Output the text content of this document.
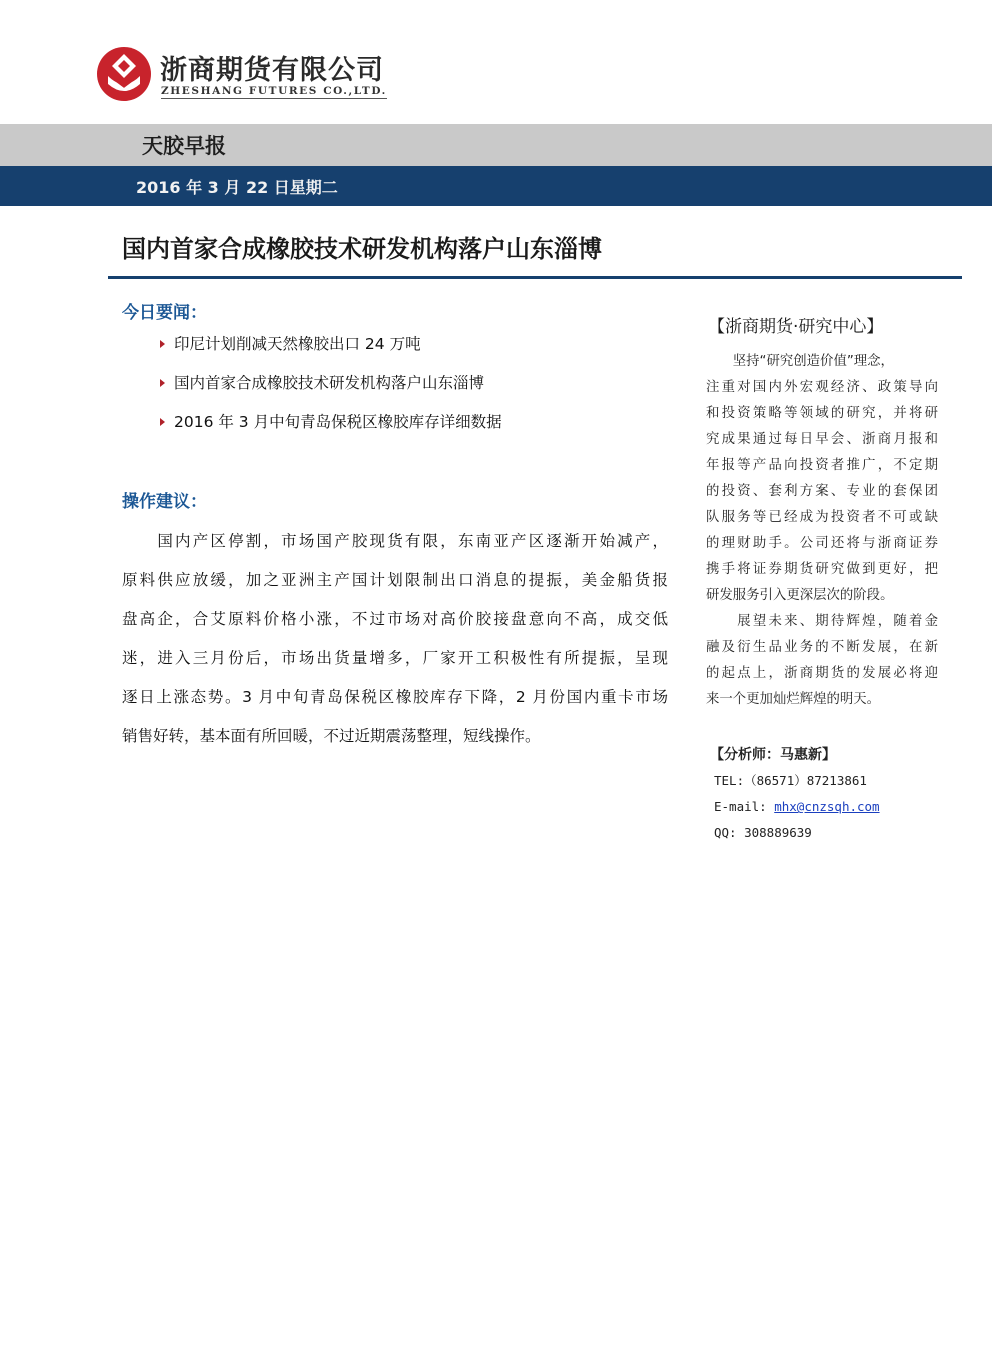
浙商期货有限公司
ZHESHANG FUTURES CO.,LTD.
天胶早报
2016 年 3 月 22 日星期二
国内首家合成橡胶技术研发机构落户山东淄博
今日要闻：
印尼计划削减天然橡胶出口 24 万吨
国内首家合成橡胶技术研发机构落户山东淄博
2016 年 3 月中旬青岛保税区橡胶库存详细数据
操作建议：
　　国内产区停割，市场国产胶现货有限，东南亚产区逐渐开始减产，
原料供应放缓，加之亚洲主产国计划限制出口消息的提振，美金船货报
盘高企，合艾原料价格小涨，不过市场对高价胶接盘意向不高，成交低
迷，进入三月份后，市场出货量增多，厂家开工积极性有所提振，呈现
逐日上涨态势。3 月中旬青岛保税区橡胶库存下降，2 月份国内重卡市场
销售好转，基本面有所回暖，不过近期震荡整理，短线操作。
【浙商期货·研究中心】
　　坚持“研究创造价值”理念，
注重对国内外宏观经济、政策导向
和投资策略等领域的研究，并将研
究成果通过每日早会、浙商月报和
年报等产品向投资者推广，不定期
的投资、套利方案、专业的套保团
队服务等已经成为投资者不可或缺
的理财助手。公司还将与浙商证券
携手将证券期货研究做到更好，把
研发服务引入更深层次的阶段。
　　展望未来、期待辉煌，随着金
融及衍生品业务的不断发展，在新
的起点上，浙商期货的发展必将迎
来一个更加灿烂辉煌的明天。
【分析师：马惠新】
TEL:（86571）87213861
E-mail: mhx@cnzsqh.com
QQ: 308889639
